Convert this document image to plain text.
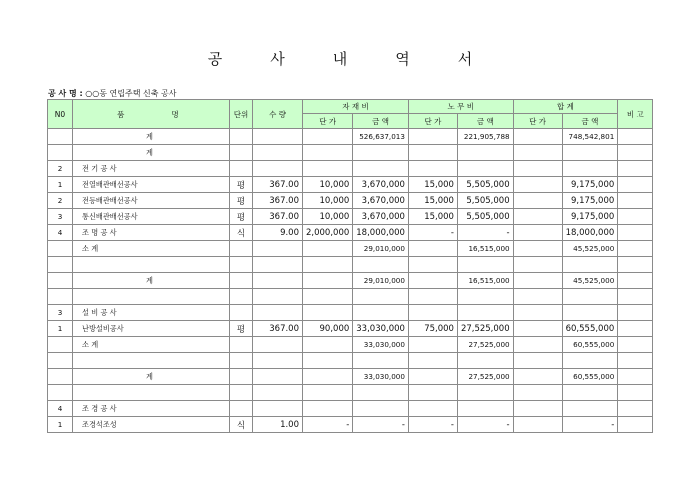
공	사	내	역	서
공 사 명 : ○○동 연립주택 신축 공사
N0	품	명	단위	수 량	자 재 비		노 무 비		합 계		비 고
					단 가	금 액	단 가	금 액	단 가	금 액	
	계					526,637,013		221,905,788		748,542,801	
	계										
2	전 기 공 사										
1	전열배관배선공사		평	367.00	10,000	3,670,000	15,000	5,505,000		9,175,000	
2	전등배관배선공사		평	367.00	10,000	3,670,000	15,000	5,505,000		9,175,000	
3	통신배관배선공사		평	367.00	10,000	3,670,000	15,000	5,505,000		9,175,000	
4	조 명 공 사		식	9.00	2,000,000	18,000,000	-	-		18,000,000	
	소 계					29,010,000		16,515,000		45,525,000	

	계					29,010,000		16,515,000		45,525,000	

3	설 비 공 사										
1	난방설비공사		평	367.00	90,000	33,030,000	75,000	27,525,000		60,555,000	
	소 계					33,030,000		27,525,000		60,555,000	

	계					33,030,000		27,525,000		60,555,000	

4	조 경 공 사										
1	조경석조성		식	1.00	-	-	-	-		-	
